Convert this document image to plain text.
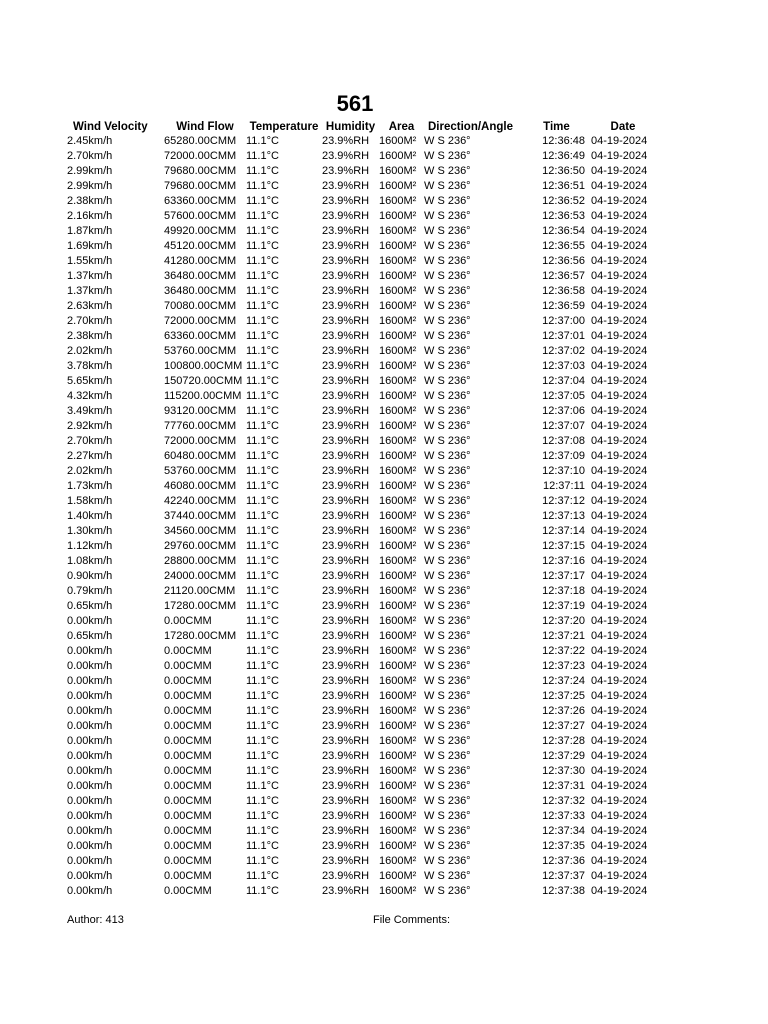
561
Wind Velocity	Wind Flow	Temperature	Humidity	Area	Direction/Angle	Time	Date
2.45km/h	65280.00CMM	11.1°C	23.9%RH	1600M²	W S 236°	12:36:48	04-19-2024
2.70km/h	72000.00CMM	11.1°C	23.9%RH	1600M²	W S 236°	12:36:49	04-19-2024
2.99km/h	79680.00CMM	11.1°C	23.9%RH	1600M²	W S 236°	12:36:50	04-19-2024
2.99km/h	79680.00CMM	11.1°C	23.9%RH	1600M²	W S 236°	12:36:51	04-19-2024
2.38km/h	63360.00CMM	11.1°C	23.9%RH	1600M²	W S 236°	12:36:52	04-19-2024
2.16km/h	57600.00CMM	11.1°C	23.9%RH	1600M²	W S 236°	12:36:53	04-19-2024
1.87km/h	49920.00CMM	11.1°C	23.9%RH	1600M²	W S 236°	12:36:54	04-19-2024
1.69km/h	45120.00CMM	11.1°C	23.9%RH	1600M²	W S 236°	12:36:55	04-19-2024
1.55km/h	41280.00CMM	11.1°C	23.9%RH	1600M²	W S 236°	12:36:56	04-19-2024
1.37km/h	36480.00CMM	11.1°C	23.9%RH	1600M²	W S 236°	12:36:57	04-19-2024
1.37km/h	36480.00CMM	11.1°C	23.9%RH	1600M²	W S 236°	12:36:58	04-19-2024
2.63km/h	70080.00CMM	11.1°C	23.9%RH	1600M²	W S 236°	12:36:59	04-19-2024
2.70km/h	72000.00CMM	11.1°C	23.9%RH	1600M²	W S 236°	12:37:00	04-19-2024
2.38km/h	63360.00CMM	11.1°C	23.9%RH	1600M²	W S 236°	12:37:01	04-19-2024
2.02km/h	53760.00CMM	11.1°C	23.9%RH	1600M²	W S 236°	12:37:02	04-19-2024
3.78km/h	100800.00CMM	11.1°C	23.9%RH	1600M²	W S 236°	12:37:03	04-19-2024
5.65km/h	150720.00CMM	11.1°C	23.9%RH	1600M²	W S 236°	12:37:04	04-19-2024
4.32km/h	115200.00CMM	11.1°C	23.9%RH	1600M²	W S 236°	12:37:05	04-19-2024
3.49km/h	93120.00CMM	11.1°C	23.9%RH	1600M²	W S 236°	12:37:06	04-19-2024
2.92km/h	77760.00CMM	11.1°C	23.9%RH	1600M²	W S 236°	12:37:07	04-19-2024
2.70km/h	72000.00CMM	11.1°C	23.9%RH	1600M²	W S 236°	12:37:08	04-19-2024
2.27km/h	60480.00CMM	11.1°C	23.9%RH	1600M²	W S 236°	12:37:09	04-19-2024
2.02km/h	53760.00CMM	11.1°C	23.9%RH	1600M²	W S 236°	12:37:10	04-19-2024
1.73km/h	46080.00CMM	11.1°C	23.9%RH	1600M²	W S 236°	12:37:11	04-19-2024
1.58km/h	42240.00CMM	11.1°C	23.9%RH	1600M²	W S 236°	12:37:12	04-19-2024
1.40km/h	37440.00CMM	11.1°C	23.9%RH	1600M²	W S 236°	12:37:13	04-19-2024
1.30km/h	34560.00CMM	11.1°C	23.9%RH	1600M²	W S 236°	12:37:14	04-19-2024
1.12km/h	29760.00CMM	11.1°C	23.9%RH	1600M²	W S 236°	12:37:15	04-19-2024
1.08km/h	28800.00CMM	11.1°C	23.9%RH	1600M²	W S 236°	12:37:16	04-19-2024
0.90km/h	24000.00CMM	11.1°C	23.9%RH	1600M²	W S 236°	12:37:17	04-19-2024
0.79km/h	21120.00CMM	11.1°C	23.9%RH	1600M²	W S 236°	12:37:18	04-19-2024
0.65km/h	17280.00CMM	11.1°C	23.9%RH	1600M²	W S 236°	12:37:19	04-19-2024
0.00km/h	0.00CMM	11.1°C	23.9%RH	1600M²	W S 236°	12:37:20	04-19-2024
0.65km/h	17280.00CMM	11.1°C	23.9%RH	1600M²	W S 236°	12:37:21	04-19-2024
0.00km/h	0.00CMM	11.1°C	23.9%RH	1600M²	W S 236°	12:37:22	04-19-2024
0.00km/h	0.00CMM	11.1°C	23.9%RH	1600M²	W S 236°	12:37:23	04-19-2024
0.00km/h	0.00CMM	11.1°C	23.9%RH	1600M²	W S 236°	12:37:24	04-19-2024
0.00km/h	0.00CMM	11.1°C	23.9%RH	1600M²	W S 236°	12:37:25	04-19-2024
0.00km/h	0.00CMM	11.1°C	23.9%RH	1600M²	W S 236°	12:37:26	04-19-2024
0.00km/h	0.00CMM	11.1°C	23.9%RH	1600M²	W S 236°	12:37:27	04-19-2024
0.00km/h	0.00CMM	11.1°C	23.9%RH	1600M²	W S 236°	12:37:28	04-19-2024
0.00km/h	0.00CMM	11.1°C	23.9%RH	1600M²	W S 236°	12:37:29	04-19-2024
0.00km/h	0.00CMM	11.1°C	23.9%RH	1600M²	W S 236°	12:37:30	04-19-2024
0.00km/h	0.00CMM	11.1°C	23.9%RH	1600M²	W S 236°	12:37:31	04-19-2024
0.00km/h	0.00CMM	11.1°C	23.9%RH	1600M²	W S 236°	12:37:32	04-19-2024
0.00km/h	0.00CMM	11.1°C	23.9%RH	1600M²	W S 236°	12:37:33	04-19-2024
0.00km/h	0.00CMM	11.1°C	23.9%RH	1600M²	W S 236°	12:37:34	04-19-2024
0.00km/h	0.00CMM	11.1°C	23.9%RH	1600M²	W S 236°	12:37:35	04-19-2024
0.00km/h	0.00CMM	11.1°C	23.9%RH	1600M²	W S 236°	12:37:36	04-19-2024
0.00km/h	0.00CMM	11.1°C	23.9%RH	1600M²	W S 236°	12:37:37	04-19-2024
0.00km/h	0.00CMM	11.1°C	23.9%RH	1600M²	W S 236°	12:37:38	04-19-2024
Author: 413	File Comments:
